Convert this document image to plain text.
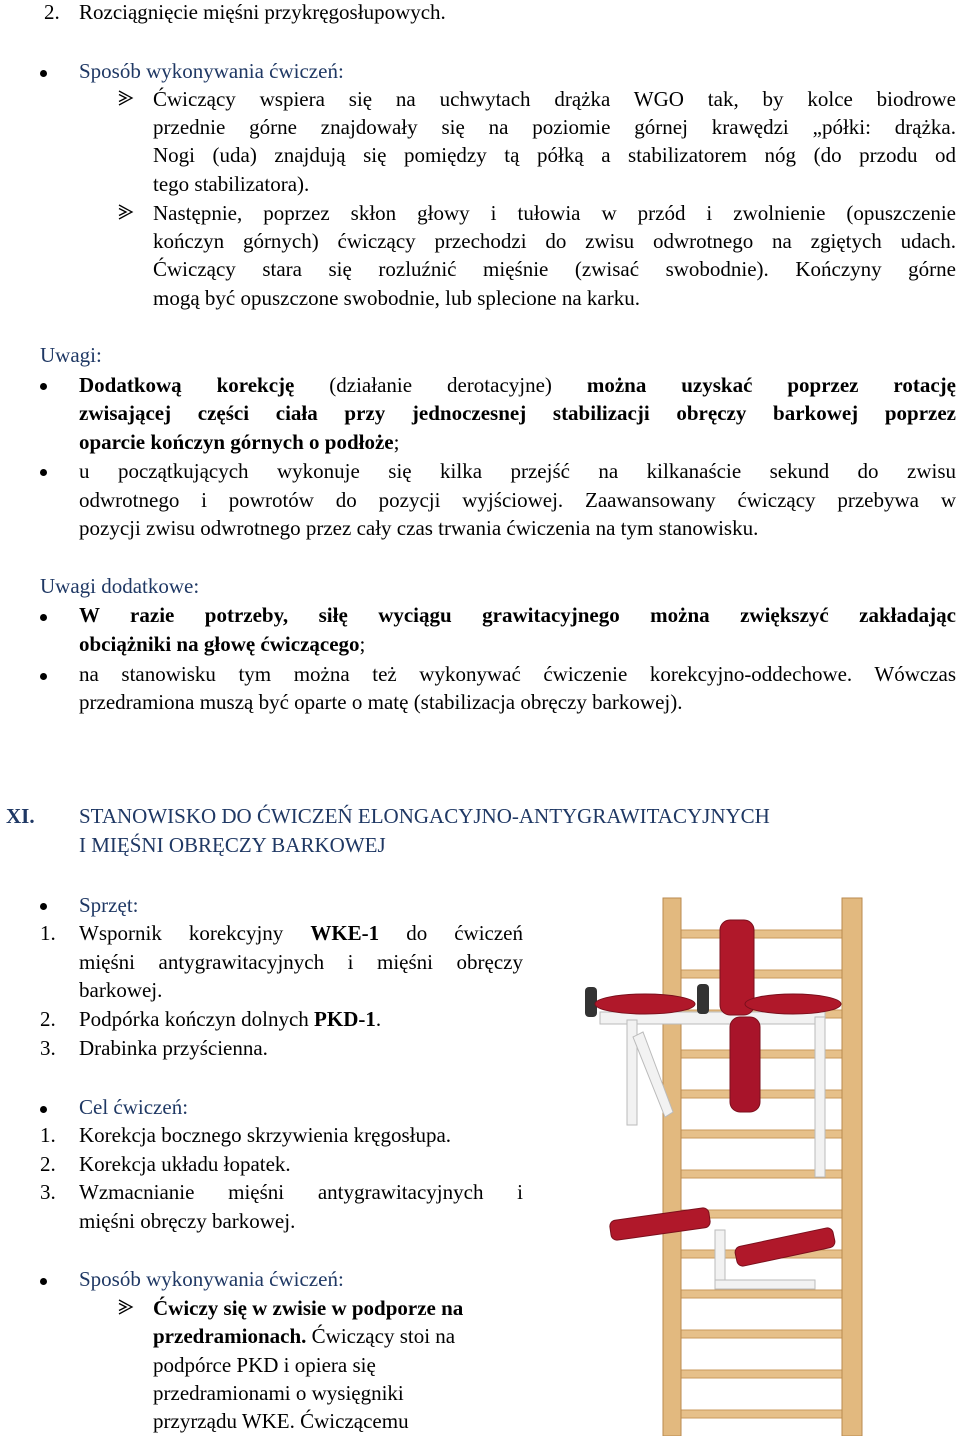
2. Rozciągnięcie mięśni przykręgosłupowych.
Sposób wykonywania ćwiczeń:
Ćwiczący wspiera się na uchwytach drążka WGO tak, by kolce biodrowe
przednie górne znajdowały się na poziomie górnej krawędzi „półki: drążka.
Nogi (uda) znajdują się pomiędzy tą półką a stabilizatorem nóg (do przodu od
tego stabilizatora).
Następnie, poprzez skłon głowy i tułowia w przód i zwolnienie (opuszczenie
kończyn górnych) ćwiczący przechodzi do zwisu odwrotnego na zgiętych udach.
Ćwiczący stara się rozluźnić mięśnie (zwisać swobodnie). Kończyny górne
mogą być opuszczone swobodnie, lub splecione na karku.
Uwagi:
Dodatkową korekcję (działanie derotacyjne) można uzyskać poprzez rotację
zwisającej części ciała przy jednoczesnej stabilizacji obręczy barkowej poprzez
oparcie kończyn górnych o podłoże;
u początkujących wykonuje się kilka przejść na kilkanaście sekund do zwisu
odwrotnego i powrotów do pozycji wyjściowej. Zaawansowany ćwiczący przebywa w
pozycji zwisu odwrotnego przez cały czas trwania ćwiczenia na tym stanowisku.
Uwagi dodatkowe:
W razie potrzeby, siłę wyciągu grawitacyjnego można zwiększyć zakładając
obciążniki na głowę ćwiczącego;
na stanowisku tym można też wykonywać ćwiczenie korekcyjno-oddechowe. Wówczas
przedramiona muszą być oparte o matę (stabilizacja obręczy barkowej).
XI. STANOWISKO DO ĆWICZEŃ ELONGACYJNO-ANTYGRAWITACYJNYCH
I MIĘŚNI OBRĘCZY BARKOWEJ
Sprzęt:
1. Wspornik korekcyjny WKE-1 do ćwiczeń
mięśni antygrawitacyjnych i mięśni obręczy
barkowej.
2. Podpórka kończyn dolnych PKD-1.
3. Drabinka przyścienna.
Cel ćwiczeń:
1. Korekcja bocznego skrzywienia kręgosłupa.
2. Korekcja układu łopatek.
3. Wzmacnianie mięśni antygrawitacyjnych i
mięśni obręczy barkowej.
Sposób wykonywania ćwiczeń:
Ćwiczy się w zwisie w podporze na
przedramionach. Ćwiczący stoi na
podpórce PKD i opiera się
przedramionami o wysięgniki
przyrządu WKE. Ćwiczącemu
